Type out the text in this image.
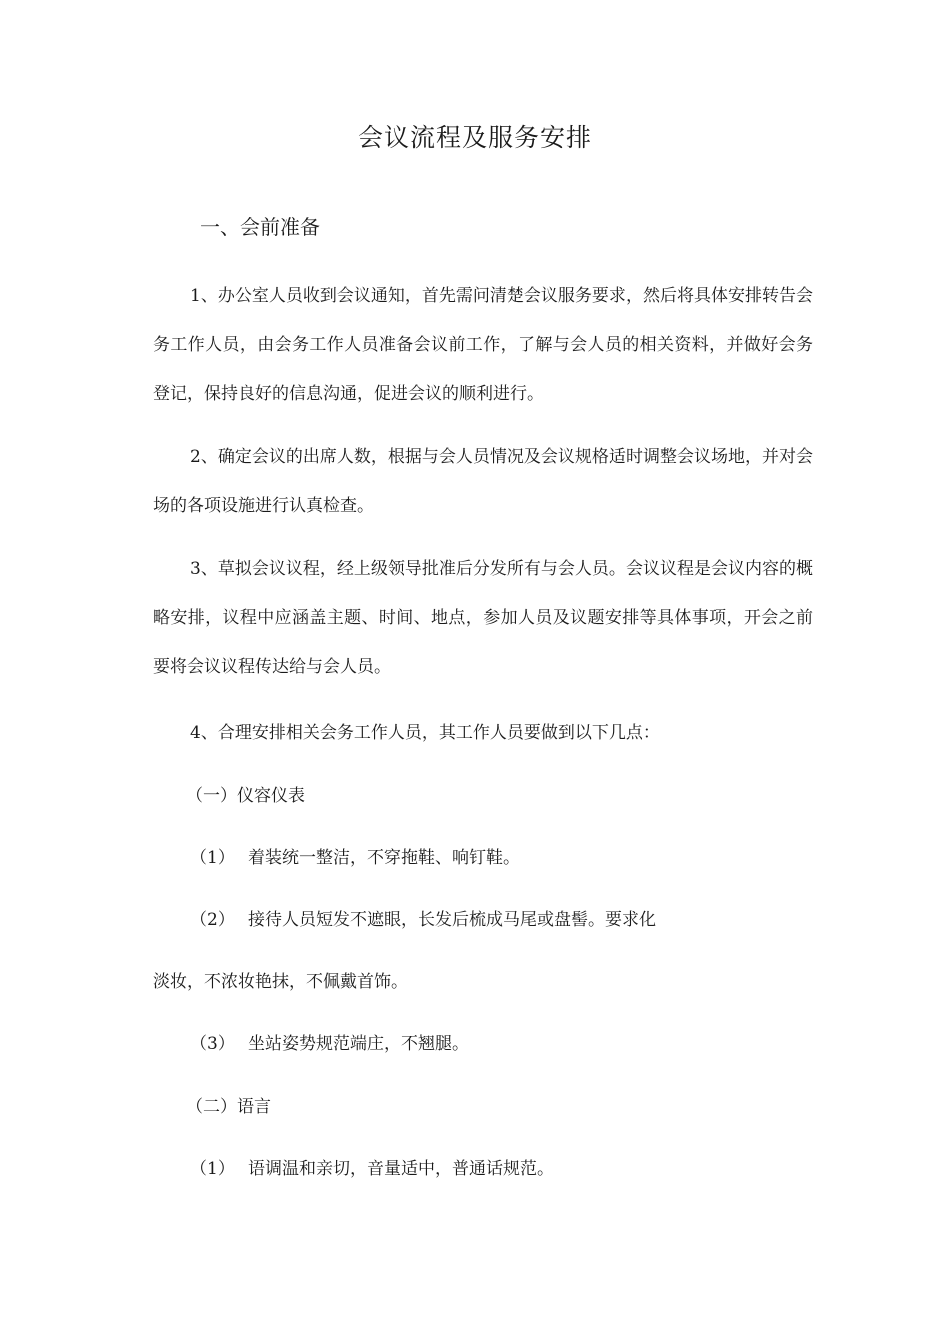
会议流程及服务安排
一、会前准备

1、办公室人员收到会议通知，首先需问清楚会议服务要求，然后将具体安排转告会务工作人员，由会务工作人员准备会议前工作，了解与会人员的相关资料，并做好会务登记，保持良好的信息沟通，促进会议的顺利进行。

2、确定会议的出席人数，根据与会人员情况及会议规格适时调整会议场地，并对会场的各项设施进行认真检查。

3、草拟会议议程，经上级领导批准后分发所有与会人员。会议议程是会议内容的概略安排，议程中应涵盖主题、时间、地点，参加人员及议题安排等具体事项，开会之前要将会议议程传达给与会人员。

4、合理安排相关会务工作人员，其工作人员要做到以下几点：

（一）仪容仪表

（1） 着装统一整洁，不穿拖鞋、响钉鞋。

（2） 接待人员短发不遮眼，长发后梳成马尾或盘髻。要求化

淡妆，不浓妆艳抹，不佩戴首饰。

（3） 坐站姿势规范端庄，不翘腿。

（二）语言

（1） 语调温和亲切，音量适中，普通话规范。
